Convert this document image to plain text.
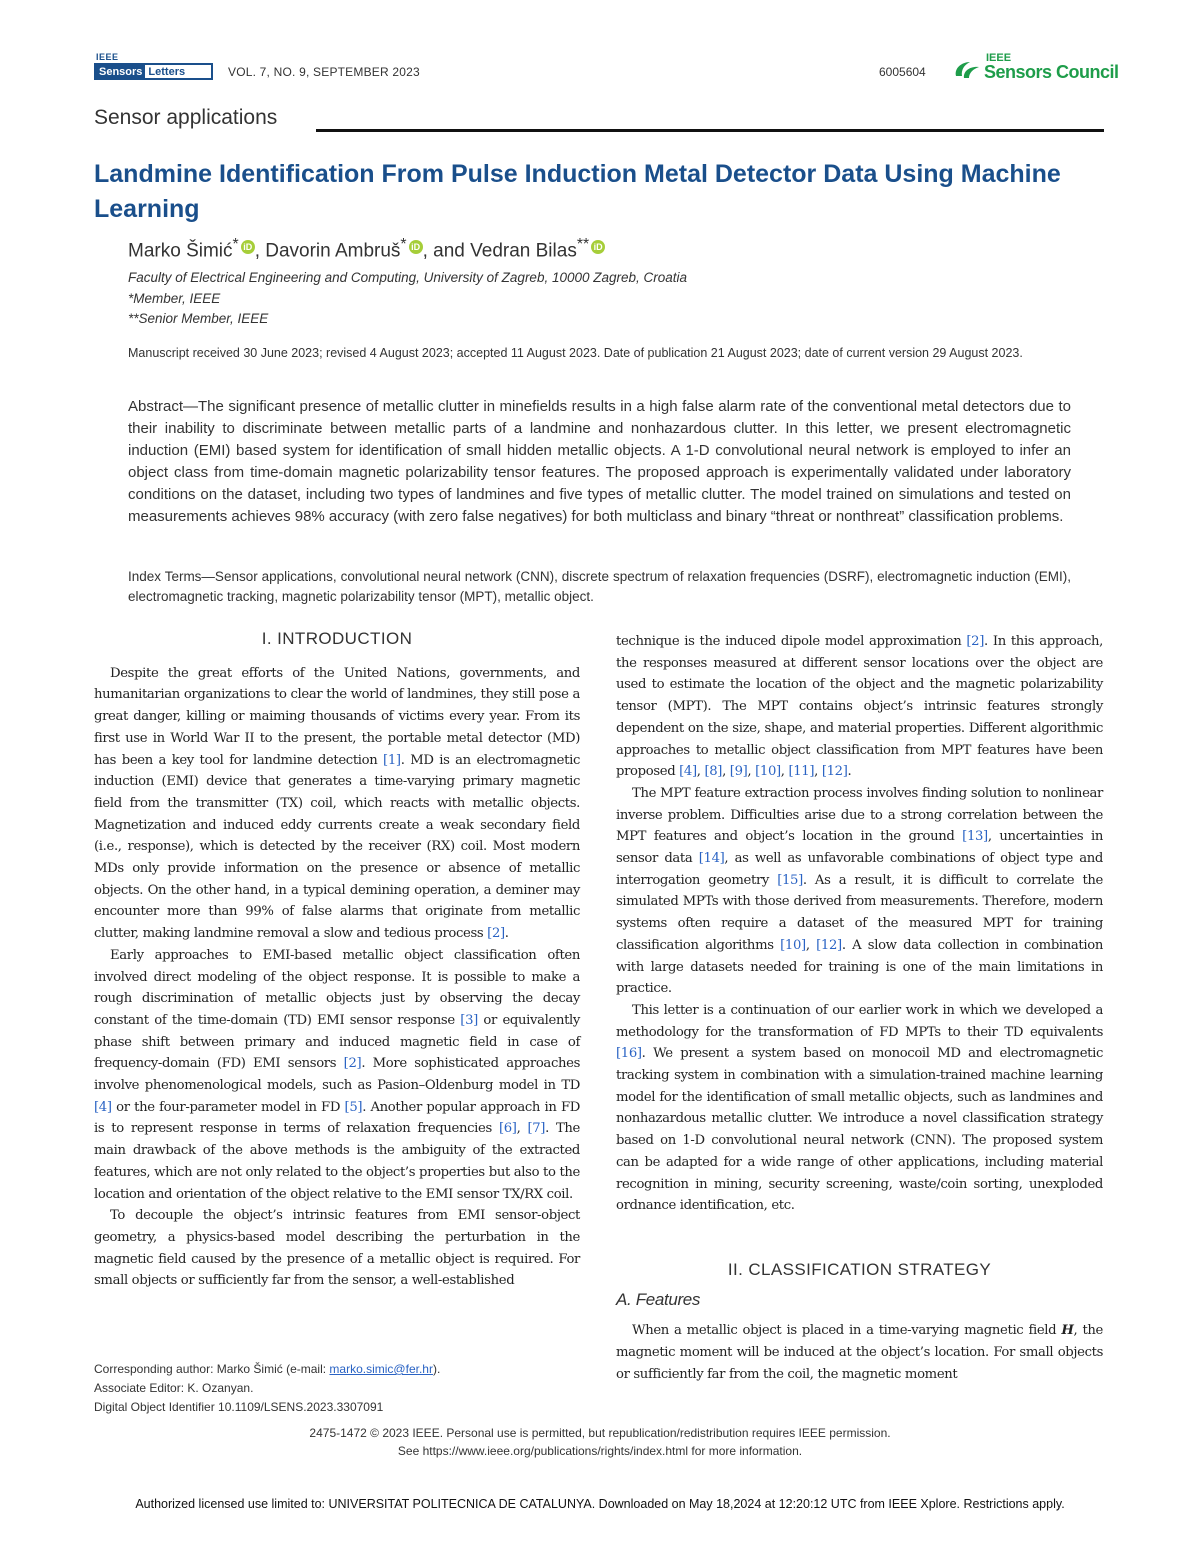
IEEE
Sensors Letters	VOL. 7, NO. 9, SEPTEMBER 2023	6005604
IEEE
Sensors Council
Sensor applications
Landmine Identification From Pulse Induction Metal Detector Data Using Machine Learning
Marko Šimić* iD , Davorin Ambruš* iD , and Vedran Bilas** iD
Faculty of Electrical Engineering and Computing, University of Zagreb, 10000 Zagreb, Croatia
*Member, IEEE
**Senior Member, IEEE
Manuscript received 30 June 2023; revised 4 August 2023; accepted 11 August 2023. Date of publication 21 August 2023; date of current version 29 August 2023.
Abstract—The significant presence of metallic clutter in minefields results in a high false alarm rate of the conventional metal detectors due to their inability to discriminate between metallic parts of a landmine and nonhazardous clutter. In this letter, we present electromagnetic induction (EMI) based system for identification of small hidden metallic objects. A 1-D convolutional neural network is employed to infer an object class from time-domain magnetic polarizability tensor features. The proposed approach is experimentally validated under laboratory conditions on the dataset, including two types of landmines and five types of metallic clutter. The model trained on simulations and tested on measurements achieves 98% accuracy (with zero false negatives) for both multiclass and binary “threat or nonthreat” classification problems.
Index Terms—Sensor applications, convolutional neural network (CNN), discrete spectrum of relaxation frequencies (DSRF), electromagnetic induction (EMI), electromagnetic tracking, magnetic polarizability tensor (MPT), metallic object.
I. INTRODUCTION

Despite the great efforts of the United Nations, governments, and humanitarian organizations to clear the world of landmines, they still pose a great danger, killing or maiming thousands of victims every year. From its first use in World War II to the present, the portable metal detector (MD) has been a key tool for landmine detection [1]. MD is an electromagnetic induction (EMI) device that generates a time-varying primary magnetic field from the transmitter (TX) coil, which reacts with metallic objects. Magnetization and induced eddy currents create a weak secondary field (i.e., response), which is detected by the receiver (RX) coil. Most modern MDs only provide information on the presence or absence of metallic objects. On the other hand, in a typical demining operation, a deminer may encounter more than 99% of false alarms that originate from metallic clutter, making landmine removal a slow and tedious process [2].

Early approaches to EMI-based metallic object classification often involved direct modeling of the object response. It is possible to make a rough discrimination of metallic objects just by observing the decay constant of the time-domain (TD) EMI sensor response [3] or equivalently phase shift between primary and induced magnetic field in case of frequency-domain (FD) EMI sensors [2]. More sophisticated approaches involve phenomenological models, such as Pasion–Oldenburg model in TD [4] or the four-parameter model in FD [5]. Another popular approach in FD is to represent response in terms of relaxation frequencies [6], [7]. The main drawback of the above methods is the ambiguity of the extracted features, which are not only related to the object’s properties but also to the location and orientation of the object relative to the EMI sensor TX/RX coil.

To decouple the object’s intrinsic features from EMI sensor-object geometry, a physics-based model describing the perturbation in the magnetic field caused by the presence of a metallic object is required. For small objects or sufficiently far from the sensor, a well-established

technique is the induced dipole model approximation [2]. In this approach, the responses measured at different sensor locations over the object are used to estimate the location of the object and the magnetic polarizability tensor (MPT). The MPT contains object’s intrinsic features strongly dependent on the size, shape, and material properties. Different algorithmic approaches to metallic object classification from MPT features have been proposed [4], [8], [9], [10], [11], [12].

The MPT feature extraction process involves finding solution to nonlinear inverse problem. Difficulties arise due to a strong correlation between the MPT features and object’s location in the ground [13], uncertainties in sensor data [14], as well as unfavorable combinations of object type and interrogation geometry [15]. As a result, it is difficult to correlate the simulated MPTs with those derived from measurements. Therefore, modern systems often require a dataset of the measured MPT for training classification algorithms [10], [12]. A slow data collection in combination with large datasets needed for training is one of the main limitations in practice.

This letter is a continuation of our earlier work in which we developed a methodology for the transformation of FD MPTs to their TD equivalents [16]. We present a system based on monocoil MD and electromagnetic tracking system in combination with a simulation-trained machine learning model for the identification of small metallic objects, such as landmines and nonhazardous metallic clutter. We introduce a novel classification strategy based on 1-D convolutional neural network (CNN). The proposed system can be adapted for a wide range of other applications, including material recognition in mining, security screening, waste/coin sorting, unexploded ordnance identification, etc.

II. CLASSIFICATION STRATEGY
A. Features

When a metallic object is placed in a time-varying magnetic field H, the magnetic moment will be induced at the object’s location. For small objects or sufficiently far from the coil, the magnetic moment

Corresponding author: Marko Šimić (e-mail: marko.simic@fer.hr).
Associate Editor: K. Ozanyan.
Digital Object Identifier 10.1109/LSENS.2023.3307091
2475-1472 © 2023 IEEE. Personal use is permitted, but republication/redistribution requires IEEE permission.
See https://www.ieee.org/publications/rights/index.html for more information.
Authorized licensed use limited to: UNIVERSITAT POLITECNICA DE CATALUNYA. Downloaded on May 18,2024 at 12:20:12 UTC from IEEE Xplore. Restrictions apply.
